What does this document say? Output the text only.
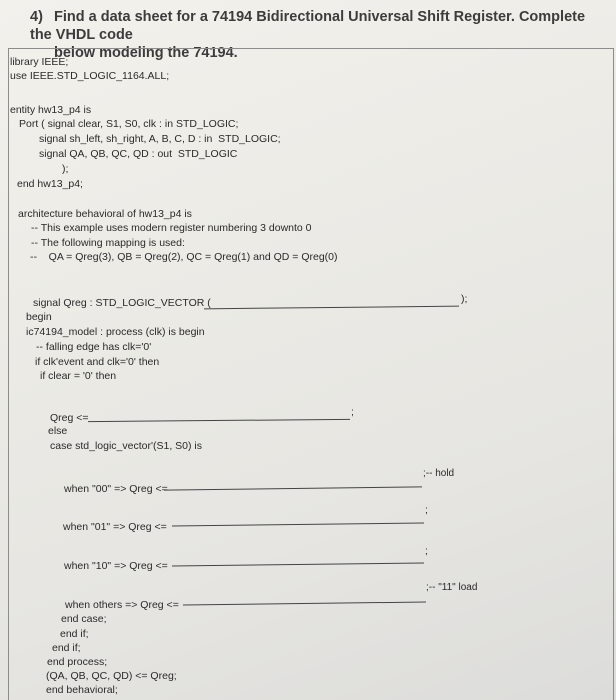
4) Find a data sheet for a 74194 Bidirectional Universal Shift Register. Complete the VHDL code
below modeling the 74194.
library IEEE;
use IEEE.STD_LOGIC_1164.ALL;
entity hw13_p4 is
Port ( signal clear, S1, S0, clk : in STD_LOGIC;
signal sh_left, sh_right, A, B, C, D : in  STD_LOGIC;
signal QA, QB, QC, QD : out  STD_LOGIC
);
end hw13_p4;
architecture behavioral of hw13_p4 is
-- This example uses modern register numbering 3 downto 0
-- The following mapping is used:
--    QA = Qreg(3), QB = Qreg(2), QC = Qreg(1) and QD = Qreg(0)
signal Qreg : STD_LOGIC_VECTOR (	);
begin
ic74194_model : process (clk) is begin
-- falling edge has clk='0'
if clk'event and clk='0' then
if clear = '0' then
Qreg <=	;
else
case std_logic_vector'(S1, S0) is
when "00" => Qreg <=
;-- hold
when "01" => Qreg <=
;
when "10" => Qreg <=
;
when others => Qreg <=
;-- "11" load
end case;
end if;
end if;
end process;
(QA, QB, QC, QD) <= Qreg;
end behavioral;
